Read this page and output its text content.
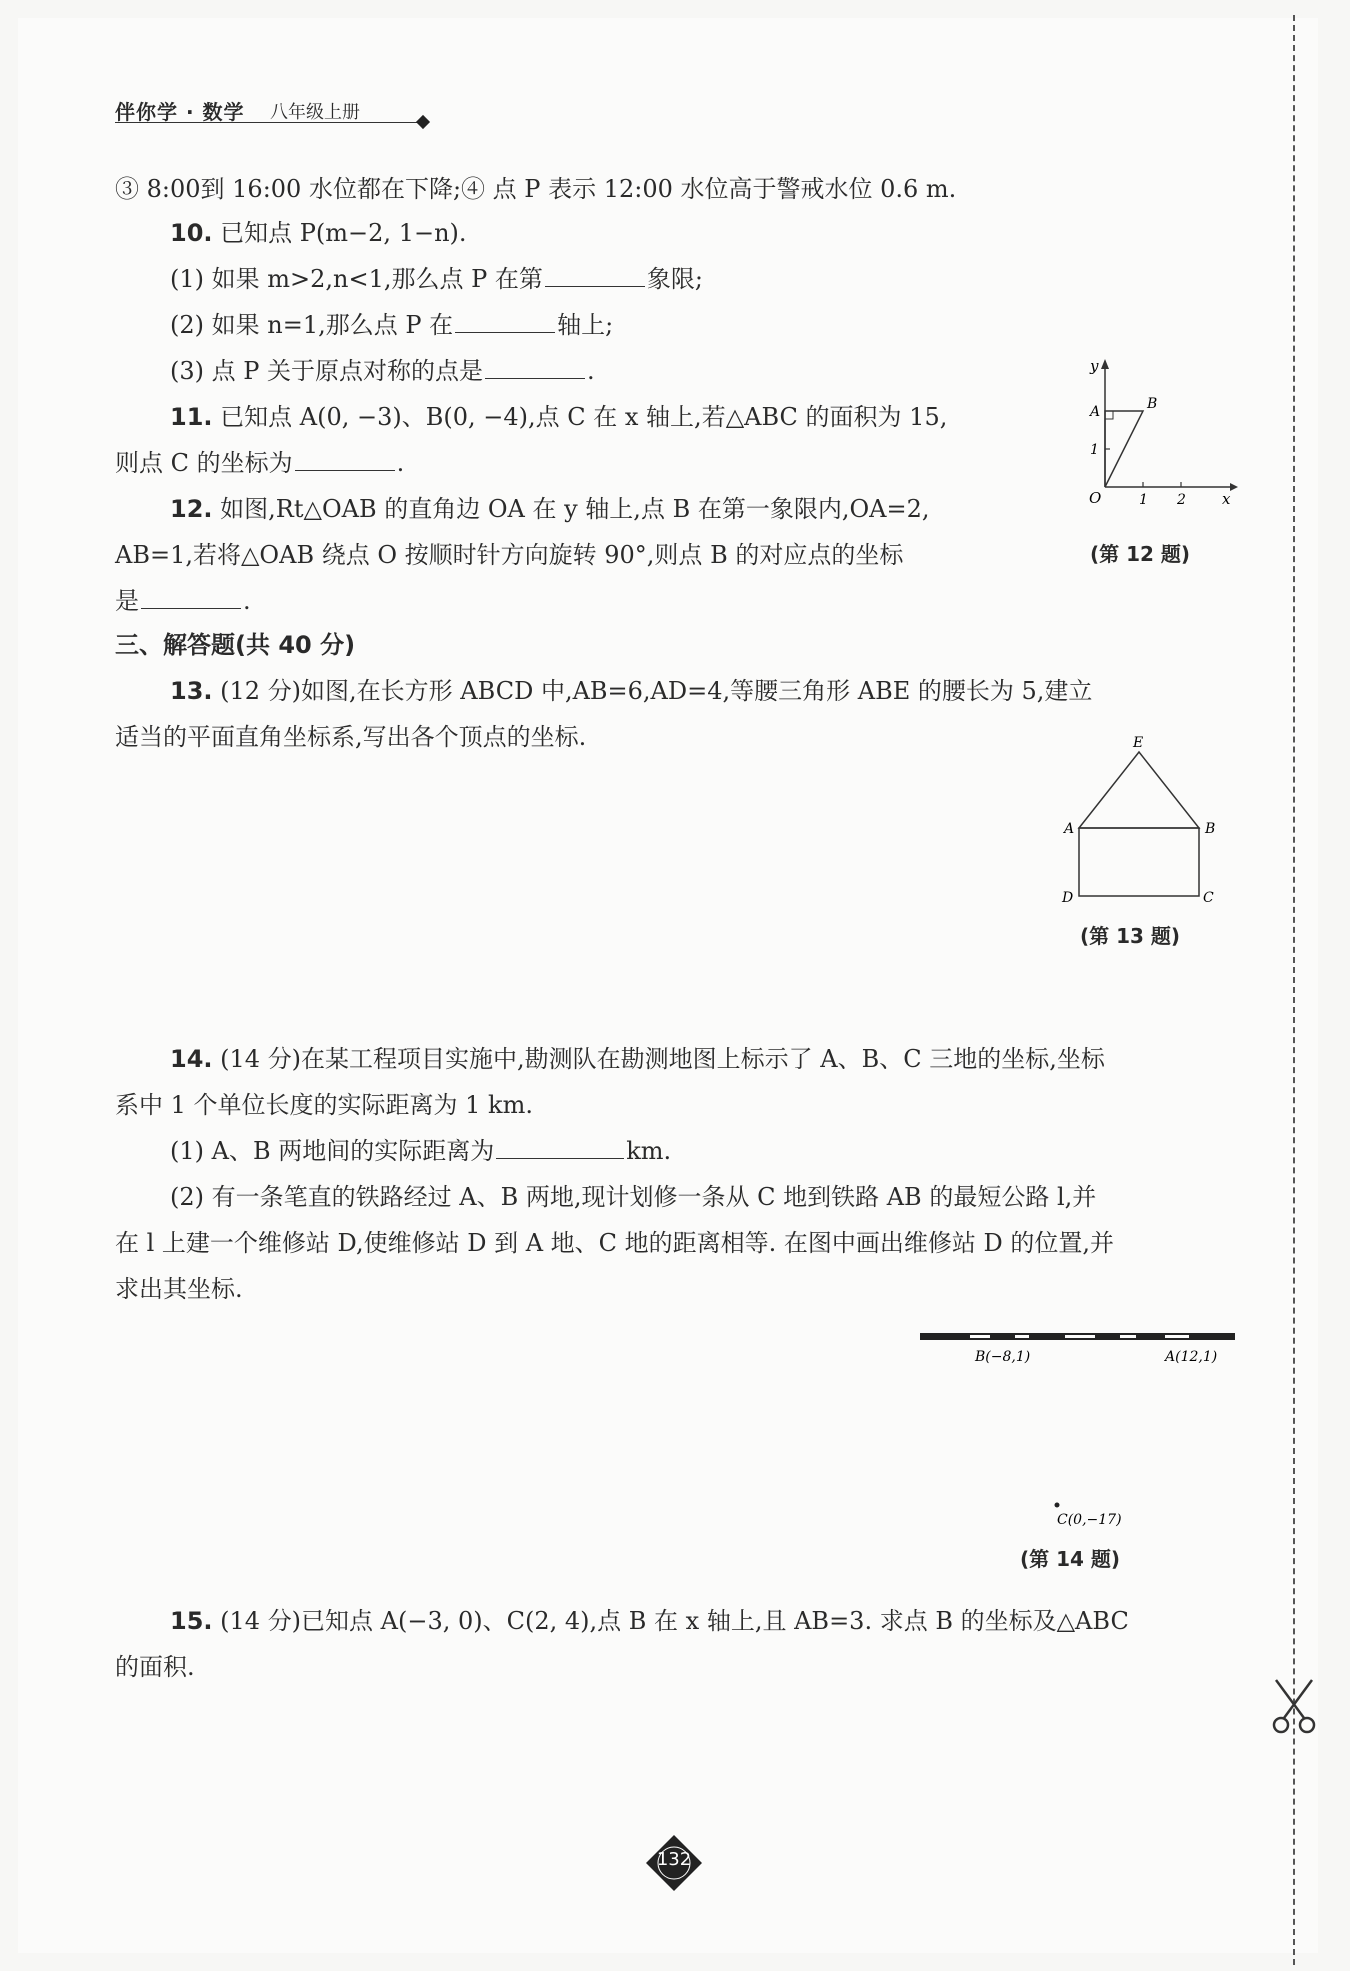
伴你学 · 数学 八年级上册
③ 8:00到 16:00 水位都在下降;④ 点 P 表示 12:00 水位高于警戒水位 0.6 m.
10. 已知点 P(m−2, 1−n).
(1) 如果 m>2,n<1,那么点 P 在第	象限;
(2) 如果 n=1,那么点 P 在	轴上;
(3) 点 P 关于原点对称的点是	.
11. 已知点 A(0, −3)、B(0, −4),点 C 在 x 轴上,若△ABC 的面积为 15,
则点 C 的坐标为	.
12. 如图,Rt△OAB 的直角边 OA 在 y 轴上,点 B 在第一象限内,OA=2,
AB=1,若将△OAB 绕点 O 按顺时针方向旋转 90°,则点 B 的对应点的坐标
是	.
y
x
O	1 2
1
A	B
(第 12 题)
三、解答题(共 40 分)
13. (12 分)如图,在长方形 ABCD 中,AB=6,AD=4,等腰三角形 ABE 的腰长为 5,建立
适当的平面直角坐标系,写出各个顶点的坐标.	E
A	B
C
D
(第 13 题)
14. (14 分)在某工程项目实施中,勘测队在勘测地图上标示了 A、B、C 三地的坐标,坐标
系中 1 个单位长度的实际距离为 1 km.
(1) A、B 两地间的实际距离为	km.
(2) 有一条笔直的铁路经过 A、B 两地,现计划修一条从 C 地到铁路 AB 的最短公路 l,并
在 l 上建一个维修站 D,使维修站 D 到 A 地、C 地的距离相等. 在图中画出维修站 D 的位置,并
求出其坐标.
B(−8,1)	A(12,1)
C(0,−17)
(第 14 题)
15. (14 分)已知点 A(−3, 0)、C(2, 4),点 B 在 x 轴上,且 AB=3. 求点 B 的坐标及△ABC
的面积.
132
